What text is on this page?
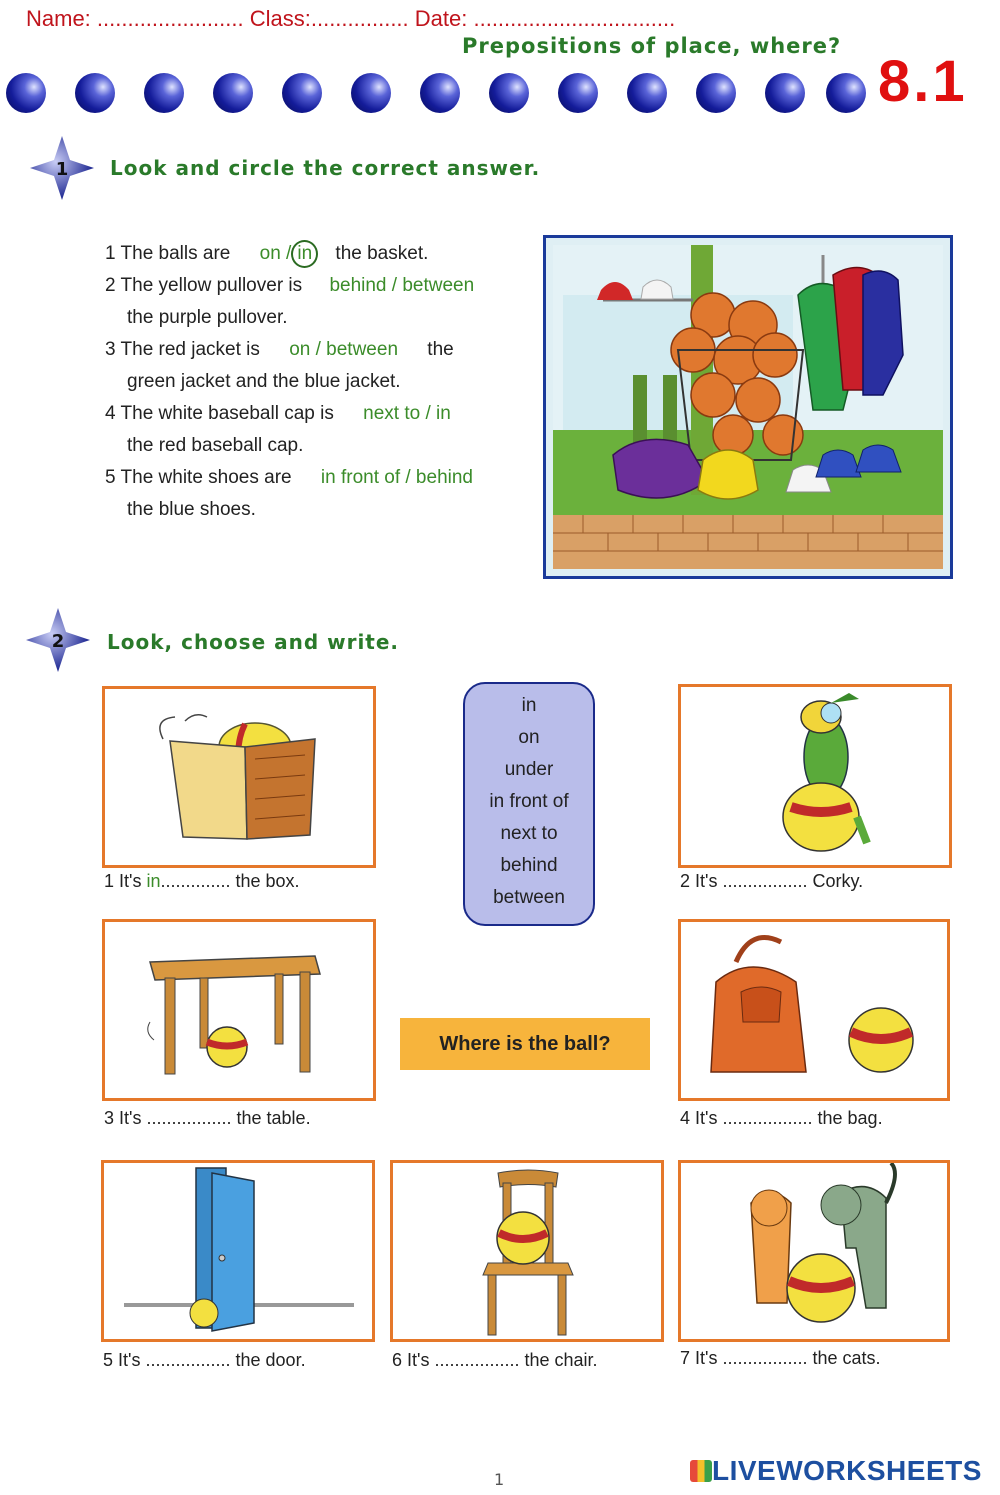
Name: ........................ Class:................ Date: .................................
Prepositions of place, where?
8.1
1 Look and circle the correct answer.
1 The balls are on / in the basket.
2 The yellow pullover is behind / between
the purple pullover.
3 The red jacket is on / between the
green jacket and the blue jacket.
4 The white baseball cap is next to / in
the red baseball cap.
5 The white shoes are in front of / behind
the blue shoes.
2 Look, choose and write.
in
on
under
in front of
next to
behind
between
Where is the ball?
1 It's in.............. the box.	2 It's ................. Corky.
3 It's ................. the table.	4 It's .................. the bag.
5 It's ................. the door.	6 It's ................. the chair.	7 It's ................. the cats.
1	LIVEWORKSHEETS
